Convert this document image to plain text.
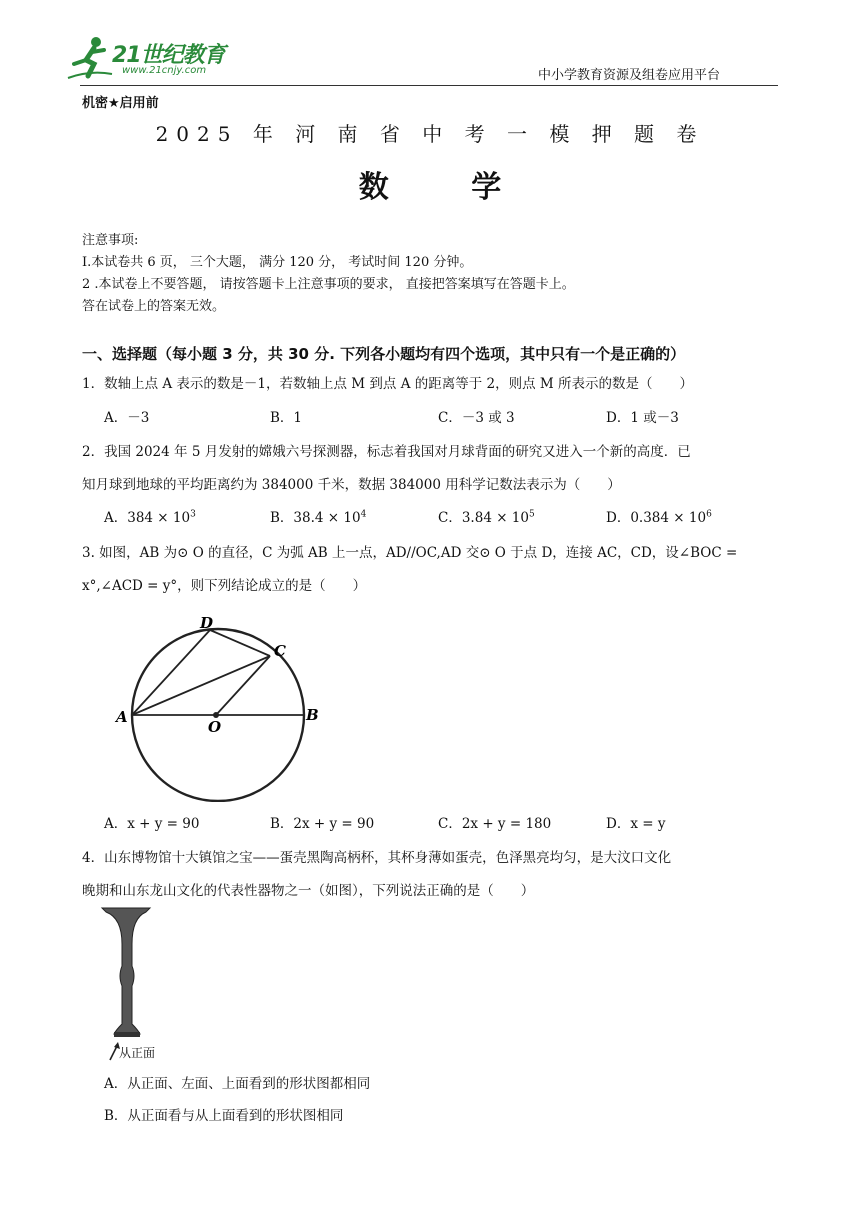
21世纪教育
www.21cnjy.com	中小学教育资源及组卷应用平台
机密★启用前
2025 年 河 南 省 中 考 一 模 押 题 卷
数 学
注意事项:
I.本试卷共 6 页， 三个大题， 满分 120 分， 考试时间 120 分钟。
2 .本试卷上不要答题， 请按答题卡上注意事项的要求， 直接把答案填写在答题卡上。
答在试卷上的答案无效。
一、选择题（每小题 3 分，共 30 分. 下列各小题均有四个选项，其中只有一个是正确的）
1．数轴上点 A 表示的数是－1，若数轴上点 M 到点 A 的距离等于 2，则点 M 所表示的数是（　　）
A．－3	B．1	C．－3 或 3	D．1 或－3
2．我国 2024 年 5 月发射的嫦娥六号探测器，标志着我国对月球背面的研究又进入一个新的高度．已
知月球到地球的平均距离约为 384000 千米，数据 384000 用科学记数法表示为（　　）
A．$384 \times 10^3$	B．$38.4 \times 10^4$	C．$3.84 \times 10^5$	D．$0.384 \times 10^6$
3. 如图，AB 为⊙ O 的直径，C 为弧 AB 上一点，AD//OC,AD 交⊙ O 于点 D，连接 AC，CD，设∠BOC =
x°,∠ACD = y°，则下列结论成立的是（　　）
A	B
C
D
O
A．x + y = 90	B．2x + y = 90	C．2x + y = 180	D．x = y
4．山东博物馆十大镇馆之宝——蛋壳黑陶高柄杯，其杯身薄如蛋壳，色泽黑亮均匀，是大汶口文化
晚期和山东龙山文化的代表性器物之一（如图），下列说法正确的是（　　）
从正面
A．从正面、左面、上面看到的形状图都相同
B．从正面看与从上面看到的形状图相同
